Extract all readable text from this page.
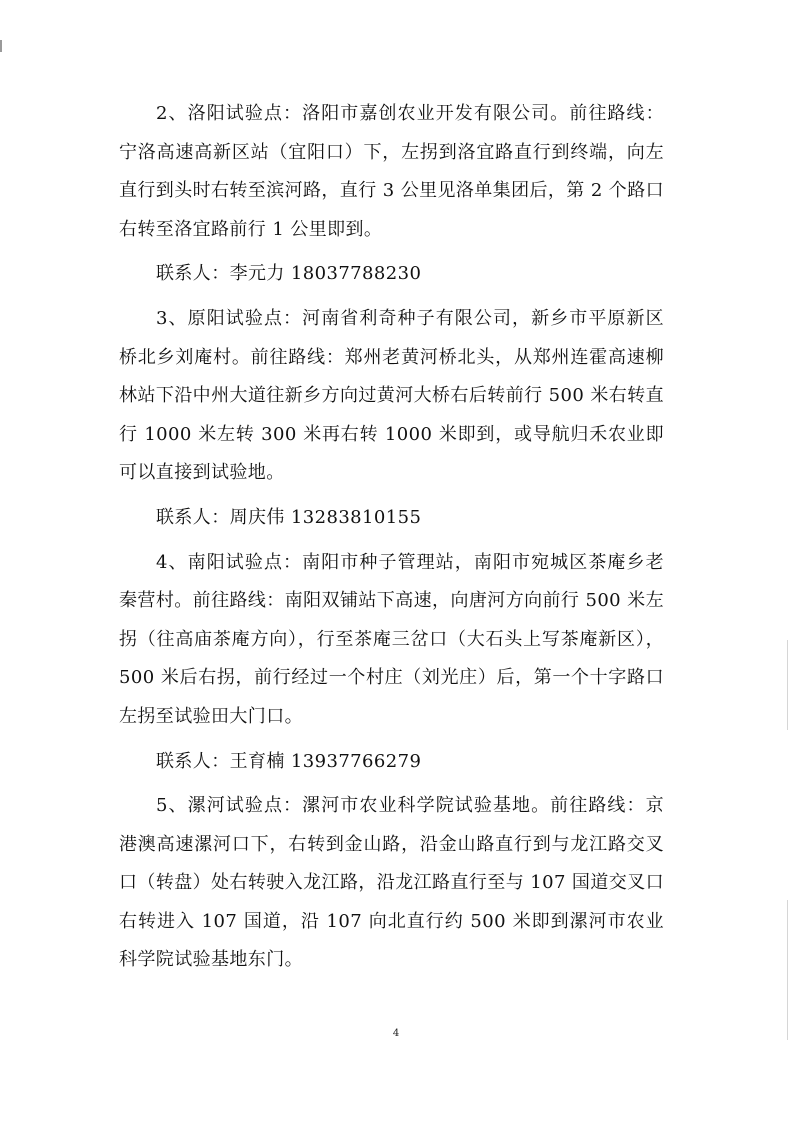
2、洛阳试验点：洛阳市嘉创农业开发有限公司。前往路线：宁洛高速高新区站（宜阳口）下，左拐到洛宜路直行到终端，向左直行到头时右转至滨河路，直行 3 公里见洛单集团后，第 2 个路口右转至洛宜路前行 1 公里即到。

联系人：李元力 18037788230

3、原阳试验点：河南省利奇种子有限公司，新乡市平原新区桥北乡刘庵村。前往路线：郑州老黄河桥北头，从郑州连霍高速柳林站下沿中州大道往新乡方向过黄河大桥右后转前行 500 米右转直行 1000 米左转 300 米再右转 1000 米即到，或导航归禾农业即可以直接到试验地。

联系人：周庆伟 13283810155

4、南阳试验点：南阳市种子管理站，南阳市宛城区茶庵乡老秦营村。前往路线：南阳双铺站下高速，向唐河方向前行 500 米左拐（往高庙茶庵方向），行至茶庵三岔口（大石头上写茶庵新区），500 米后右拐，前行经过一个村庄（刘光庄）后，第一个十字路口左拐至试验田大门口。

联系人：王育楠 13937766279

5、漯河试验点：漯河市农业科学院试验基地。前往路线：京港澳高速漯河口下，右转到金山路，沿金山路直行到与龙江路交叉口（转盘）处右转驶入龙江路，沿龙江路直行至与 107 国道交叉口右转进入 107 国道，沿 107 向北直行约 500 米即到漯河市农业科学院试验基地东门。

4
